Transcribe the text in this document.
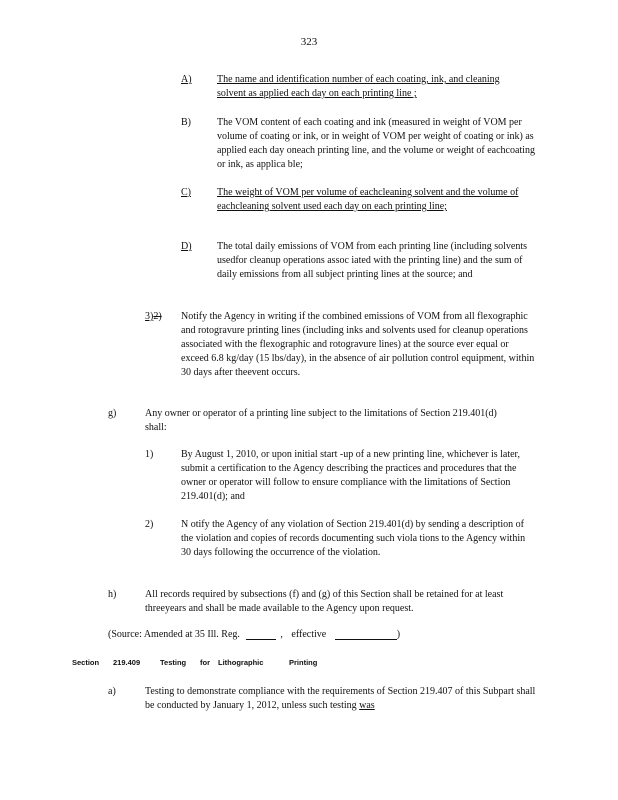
323
A)	The name and identification number of each coating, ink, and cleaning solvent as applied each day on each printing line ;
B)	The VOM content of each coating and ink (measured in weight of VOM per volume of coating or ink, or in weight of VOM per weight of coating or ink) as applied each day oneach printing line, and the volume or weight of eachcoating or ink, as applica ble;
C)	The weight of VOM per volume of eachcleaning solvent and the volume of eachcleaning solvent used each day on each printing line;
D)	The total daily emissions of VOM from each printing line (including solvents usedfor cleanup operations assoc iated with the printing line) and the sum of daily emissions from all subject printing lines at the source; and
3)2) Notify the Agency in writing if the combined emissions of VOM from all flexographic and rotogravure printing lines (including inks and solvents used for cleanup operations associated with the flexographic and rotogravure lines) at the source ever equal or exceed 6.8 kg/day (15 lbs/day), in the absence of air pollution control equipment, within 30 days after theevent occurs.
g)	Any owner or operator of a printing line subject to the limitations of Section 219.401(d) shall:
1)	By August 1, 2010, or upon initial start -up of a new printing line, whichever is later, submit a certification to the Agency describing the practices and procedures that the owner or operator will follow to ensure compliance with the limitations of Section 219.401(d); and
2)	N otify the Agency of any violation of Section 219.401(d) by sending a description of the violation and copies of records documenting such viola tions to the Agency within 30 days following the occurrence of the violation.
h)	All records required by subsections (f) and (g) of this Section shall be retained for at least threeyears and shall be made available to the Agency upon request.
(Source: Amended at 35 Ill. Reg.	, effective	)
Section 219.409	Testing for Lithographic	Printing
a)	Testing to demonstrate compliance with the requirements of Section 219.407 of this Subpart shall be conducted by January 1, 2012, unless such testing was
